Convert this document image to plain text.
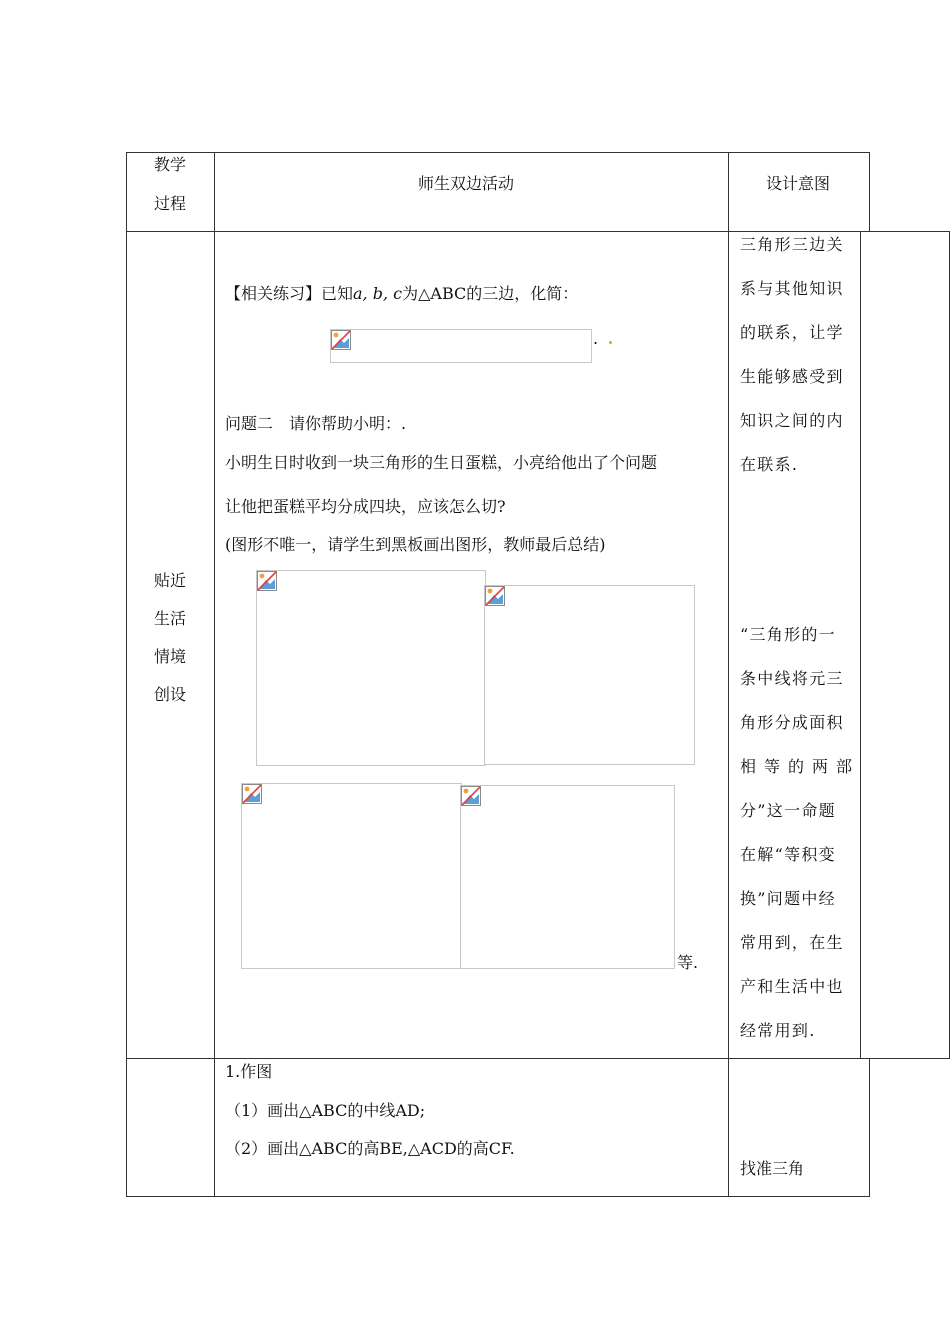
教学
过程
师生双边活动	设计意图
贴近
生活
情境
创设
【相关练习】已知a, b, c为△ABC的三边，化简：
.
问题二　请你帮助小明：.
小明生日时收到一块三角形的生日蛋糕，小亮给他出了个问题
让他把蛋糕平均分成四块，应该怎么切?
(图形不唯一，请学生到黑板画出图形，教师最后总结)
等.
三角形三边关
系与其他知识
的联系，让学
生能够感受到
知识之间的内
在联系.
“三角形的一
条中线将元三
角形分成面积
相等的两部
分”这一命题
在解“等积变
换”问题中经
常用到，在生
产和生活中也
经常用到.
1.作图
（1）画出△ABC的中线AD;
（2）画出△ABC的高BE,△ACD的高CF.
找准三角
